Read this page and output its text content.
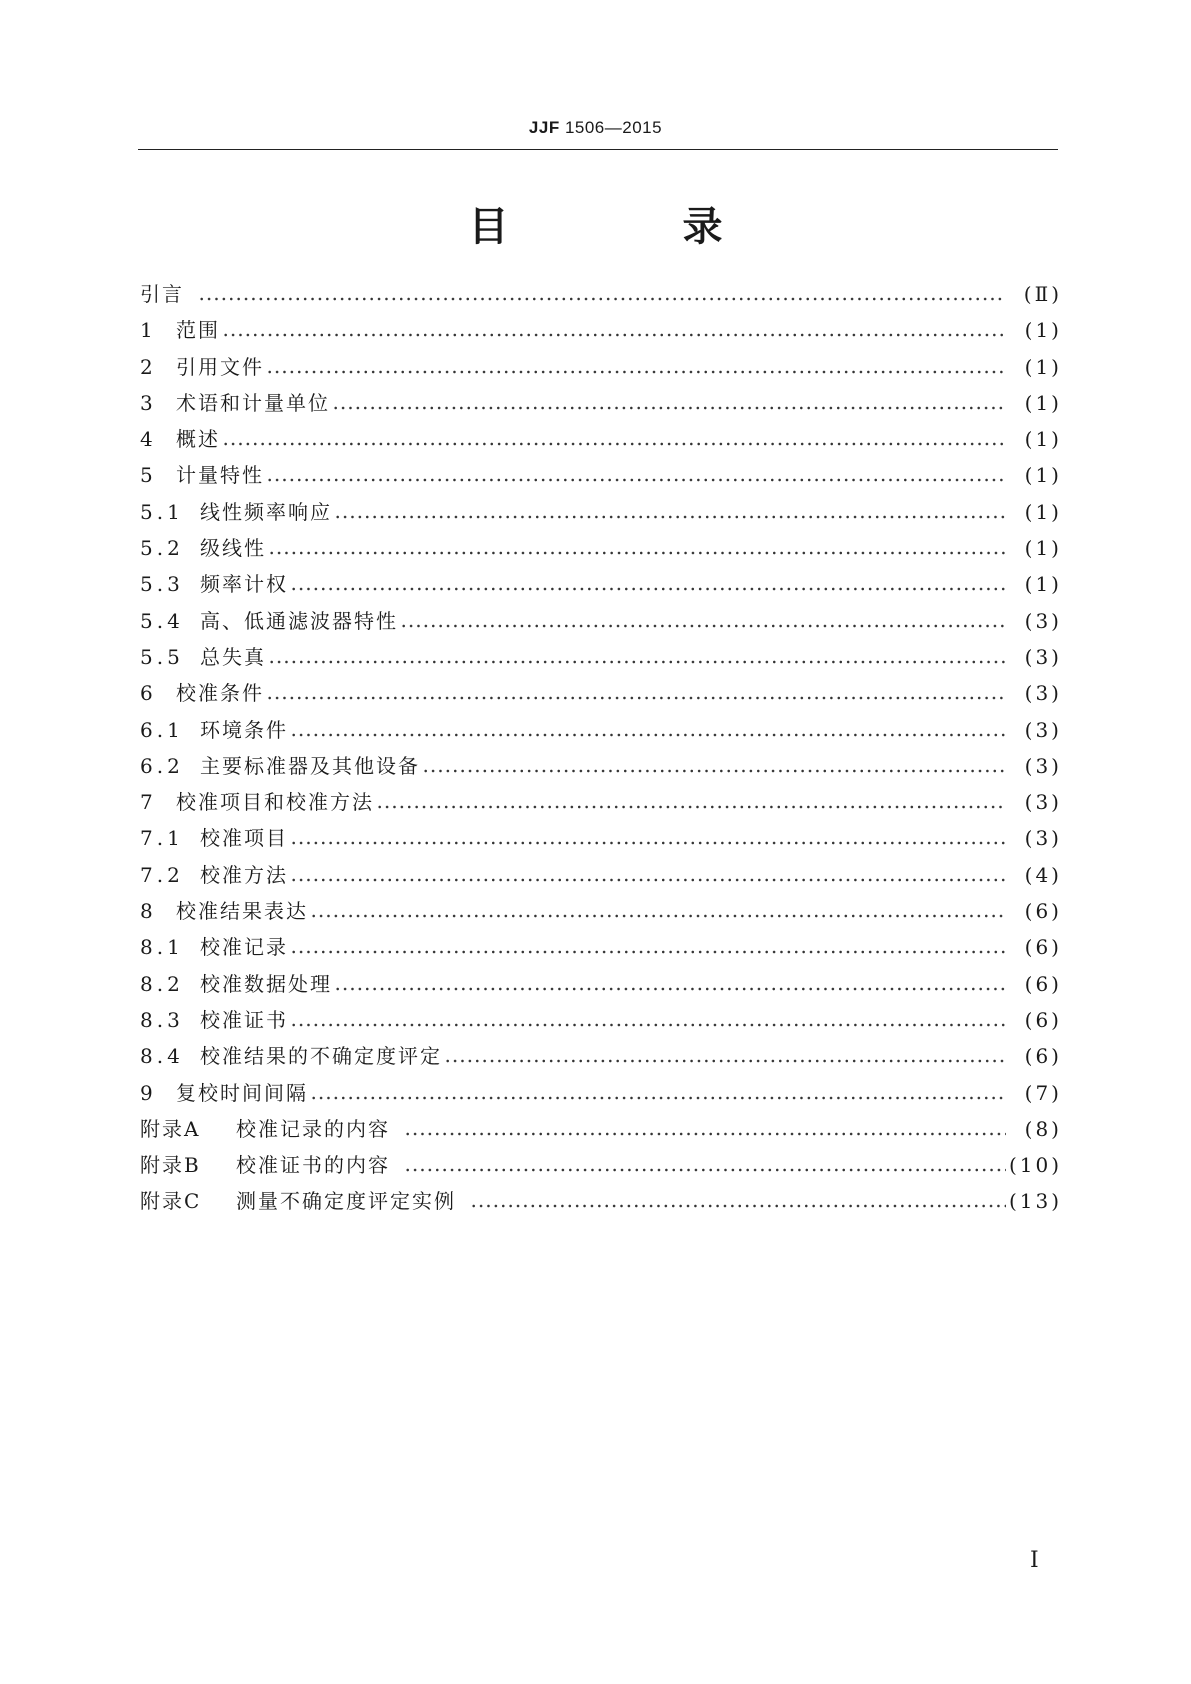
JJF 1506—2015
目 录
引言	(Ⅱ)
1 范围	(1)
2 引用文件	(1)
3 术语和计量单位	(1)
4 概述	(1)
5 计量特性	(1)
5.1 线性频率响应	(1)
5.2 级线性	(1)
5.3 频率计权	(1)
5.4 高、低通滤波器特性	(3)
5.5 总失真	(3)
6 校准条件	(3)
6.1 环境条件	(3)
6.2 主要标准器及其他设备	(3)
7 校准项目和校准方法	(3)
7.1 校准项目	(3)
7.2 校准方法	(4)
8 校准结果表达	(6)
8.1 校准记录	(6)
8.2 校准数据处理	(6)
8.3 校准证书	(6)
8.4 校准结果的不确定度评定	(6)
9 复校时间间隔	(7)
附录A	校准记录的内容	(8)
附录B	校准证书的内容	(10)
附录C	测量不确定度评定实例	(13)
Ⅰ
